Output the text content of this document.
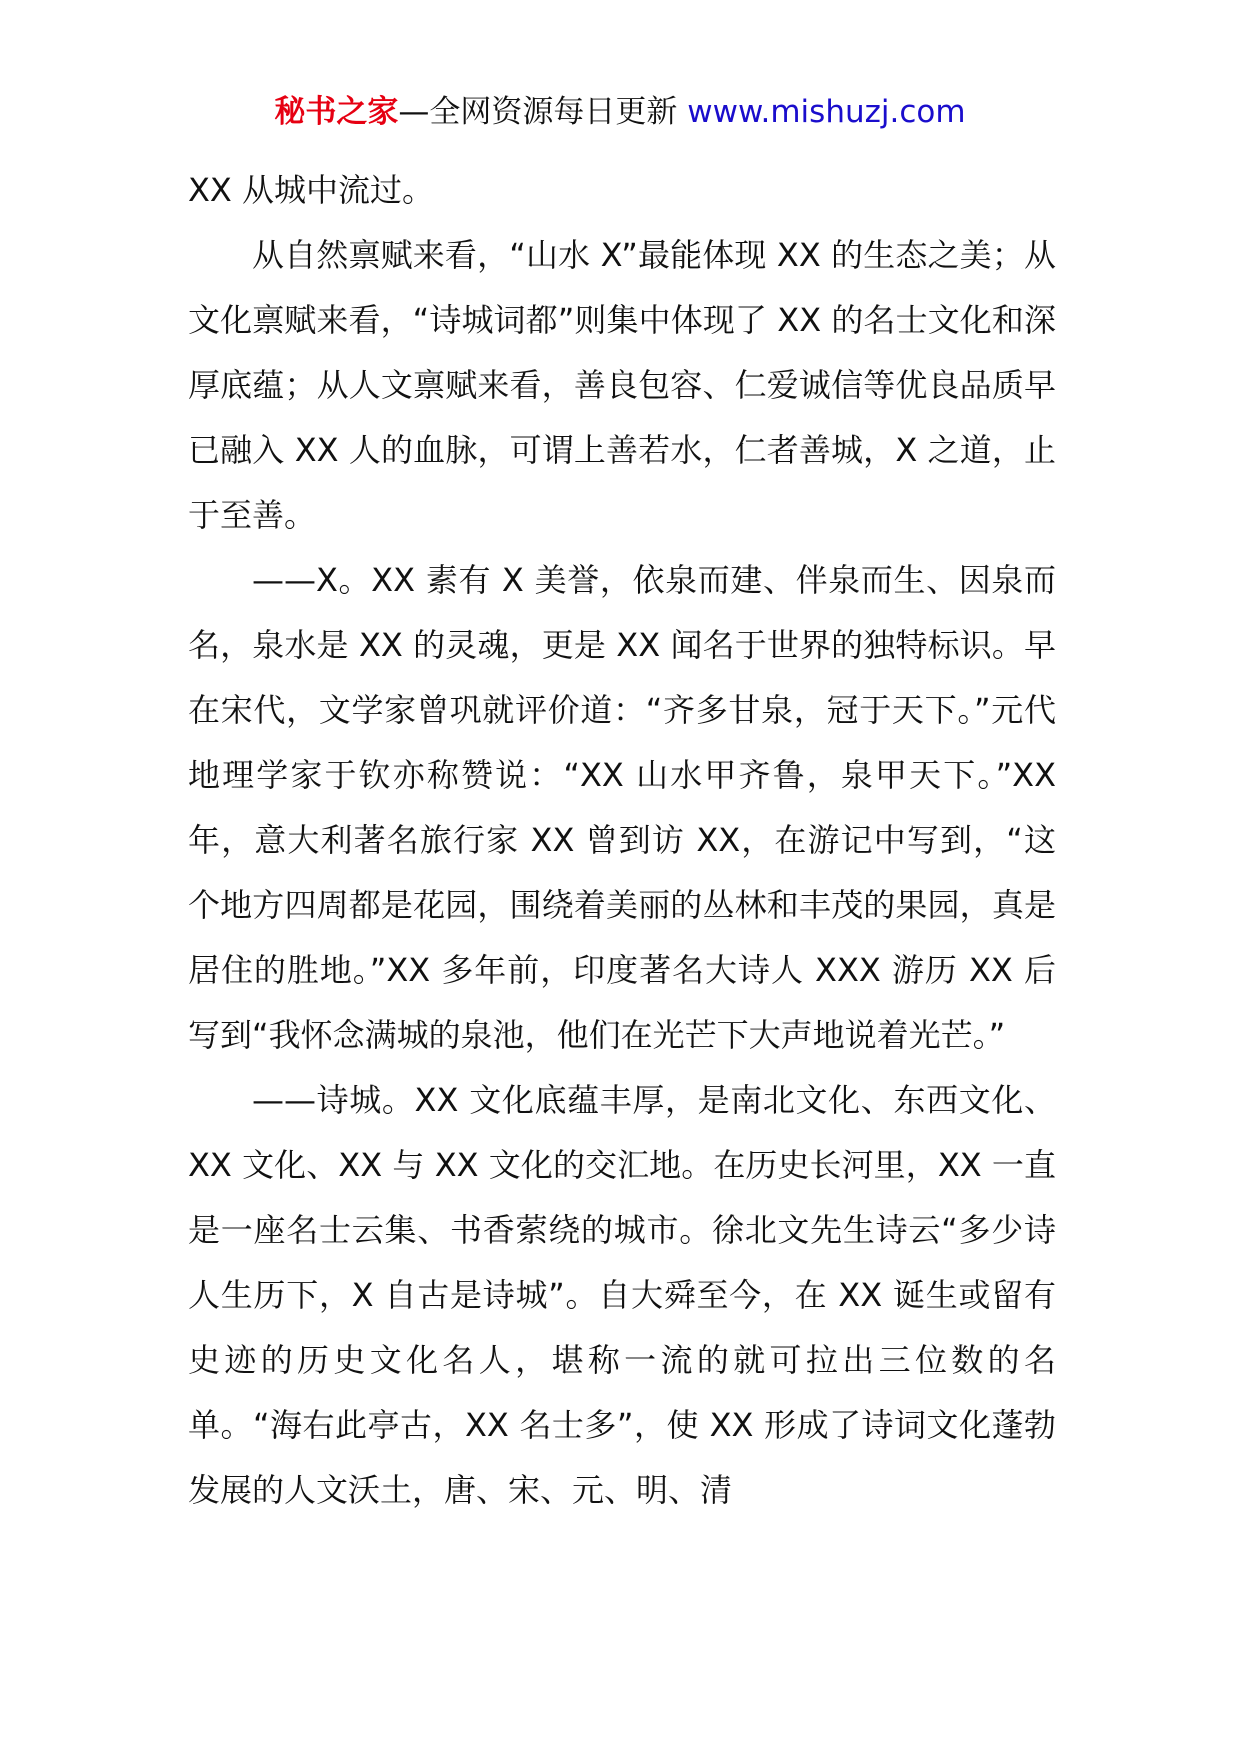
秘书之家—全网资源每日更新 www.mishuzj.com

XX 从城中流过。

从自然禀赋来看，“山水 X”最能体现 XX 的生态之美；从文化禀赋来看，“诗城词都”则集中体现了 XX 的名士文化和深厚底蕴；从人文禀赋来看，善良包容、仁爱诚信等优良品质早已融入 XX 人的血脉，可谓上善若水，仁者善城，X 之道，止于至善。

——X。XX 素有 X 美誉，依泉而建、伴泉而生、因泉而名，泉水是 XX 的灵魂，更是 XX 闻名于世界的独特标识。早在宋代，文学家曾巩就评价道：“齐多甘泉，冠于天下。”元代地理学家于钦亦称赞说：“XX 山水甲齐鲁，泉甲天下。”XX 年，意大利著名旅行家 XX 曾到访 XX，在游记中写到，“这个地方四周都是花园，围绕着美丽的丛林和丰茂的果园，真是居住的胜地。”XX 多年前，印度著名大诗人 XXX 游历 XX 后写到“我怀念满城的泉池，他们在光芒下大声地说着光芒。”

——诗城。XX 文化底蕴丰厚，是南北文化、东西文化、XX 文化、XX 与 XX 文化的交汇地。在历史长河里，XX 一直是一座名士云集、书香萦绕的城市。徐北文先生诗云“多少诗人生历下，X 自古是诗城”。自大舜至今，在 XX 诞生或留有史迹的历史文化名人，堪称一流的就可拉出三位数的名单。“海右此亭古，XX 名士多”，使 XX 形成了诗词文化蓬勃发展的人文沃土，唐、宋、元、明、清
